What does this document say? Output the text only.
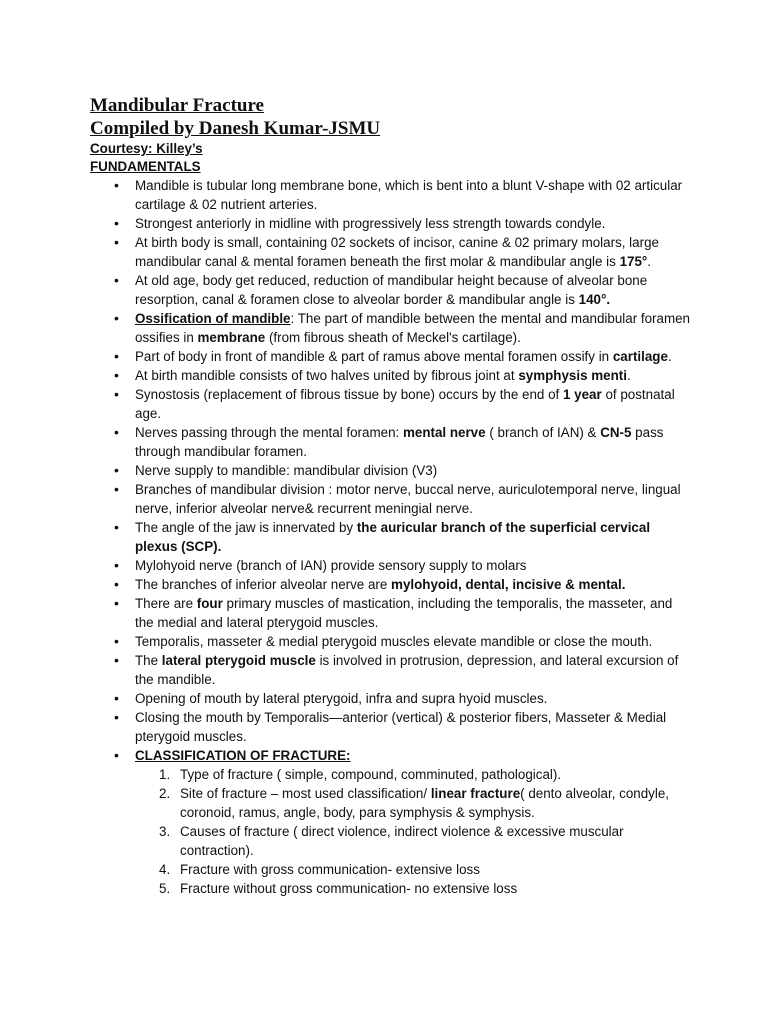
Mandibular Fracture
Compiled by Danesh Kumar-JSMU

Courtesy: Killey’s

FUNDAMENTALS

• Mandible is tubular long membrane bone, which is bent into a blunt V-shape with 02 articular cartilage & 02 nutrient arteries.
• Strongest anteriorly in midline with progressively less strength towards condyle.
• At birth body is small, containing 02 sockets of incisor, canine & 02 primary molars, large mandibular canal & mental foramen beneath the first molar & mandibular angle is 175°.
• At old age, body get reduced, reduction of mandibular height because of alveolar bone resorption, canal & foramen close to alveolar border & mandibular angle is 140°.
• Ossification of mandible: The part of mandible between the mental and mandibular foramen ossifies in membrane (from fibrous sheath of Meckel's cartilage).
• Part of body in front of mandible & part of ramus above mental foramen ossify in cartilage.
• At birth mandible consists of two halves united by fibrous joint at symphysis menti.
• Synostosis (replacement of fibrous tissue by bone) occurs by the end of 1 year of postnatal age.
• Nerves passing through the mental foramen: mental nerve ( branch of IAN) & CN-5 pass through mandibular foramen.
• Nerve supply to mandible: mandibular division (V3)
• Branches of mandibular division : motor nerve, buccal nerve, auriculotemporal nerve, lingual nerve, inferior alveolar nerve& recurrent meningial nerve.
• The angle of the jaw is innervated by the auricular branch of the superficial cervical plexus (SCP).
• Mylohyoid nerve (branch of IAN) provide sensory supply to molars
• The branches of inferior alveolar nerve are mylohyoid, dental, incisive & mental.
• There are four primary muscles of mastication, including the temporalis, the masseter, and the medial and lateral pterygoid muscles.
• Temporalis, masseter & medial pterygoid muscles elevate mandible or close the mouth.
• The lateral pterygoid muscle is involved in protrusion, depression, and lateral excursion of the mandible.
• Opening of mouth by lateral pterygoid, infra and supra hyoid muscles.
• Closing the mouth by Temporalis—anterior (vertical) & posterior fibers, Masseter & Medial pterygoid muscles.
• CLASSIFICATION OF FRACTURE:
1. Type of fracture ( simple, compound, comminuted, pathological).
2. Site of fracture – most used classification/ linear fracture( dento alveolar, condyle, coronoid, ramus, angle, body, para symphysis & symphysis.
3. Causes of fracture ( direct violence, indirect violence & excessive muscular contraction).
4. Fracture with gross communication- extensive loss
5. Fracture without gross communication- no extensive loss
